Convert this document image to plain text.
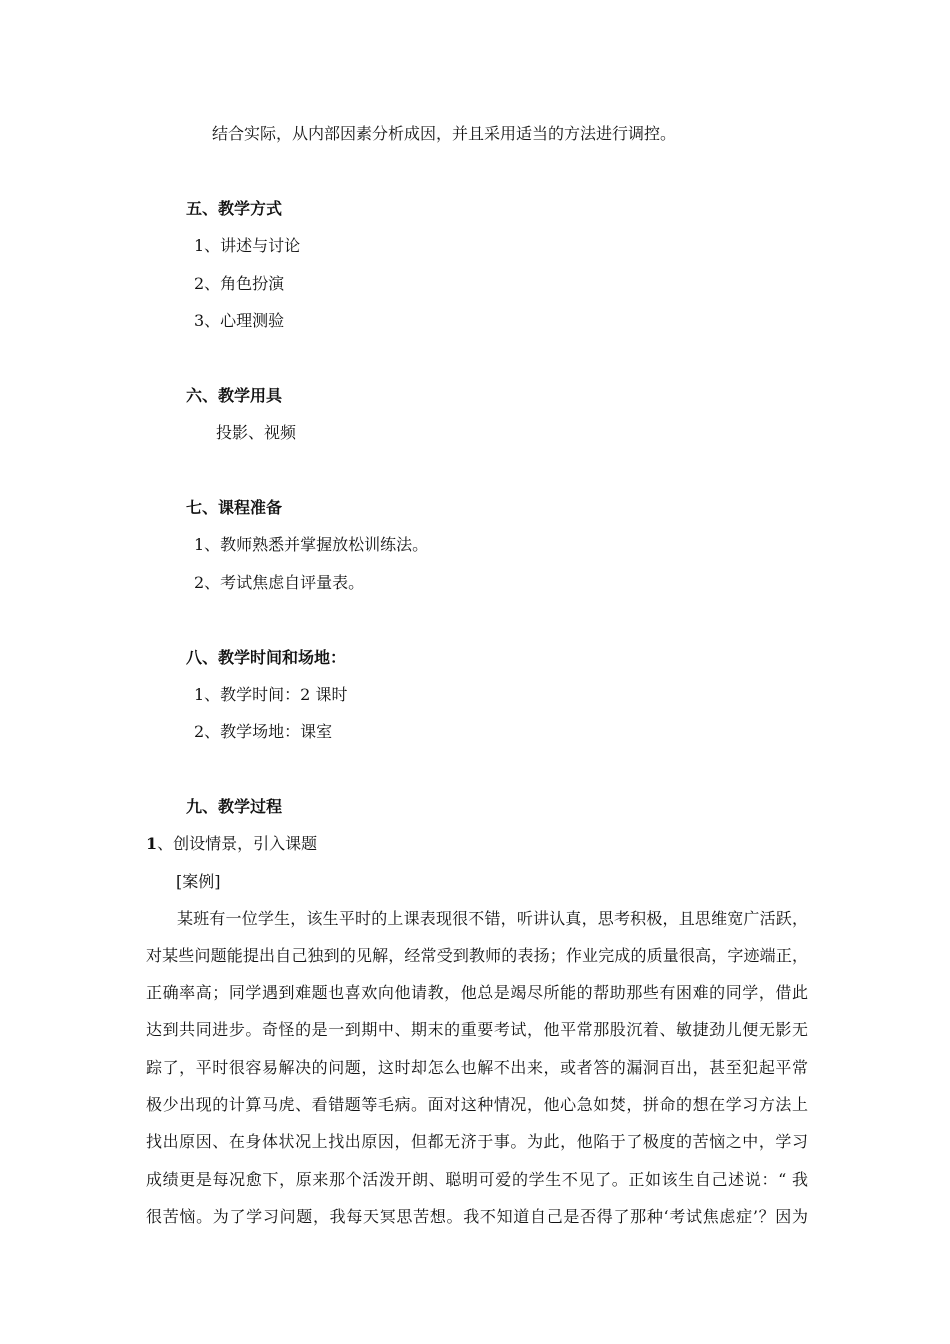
结合实际，从内部因素分析成因，并且采用适当的方法进行调控。
五、教学方式
1、讲述与讨论
2、角色扮演
3、心理测验
六、教学用具
投影、视频
七、课程准备
1、教师熟悉并掌握放松训练法。
2、考试焦虑自评量表。
八、教学时间和场地：
1、教学时间：2 课时
2、教学场地：课室
九、教学过程
1、创设情景，引入课题
[案例]
某班有一位学生，该生平时的上课表现很不错，听讲认真，思考积极，且思维宽广活跃，
对某些问题能提出自己独到的见解，经常受到教师的表扬；作业完成的质量很高，字迹端正，
正确率高；同学遇到难题也喜欢向他请教，他总是竭尽所能的帮助那些有困难的同学，借此
达到共同进步。奇怪的是一到期中、期末的重要考试，他平常那股沉着、敏捷劲儿便无影无
踪了，平时很容易解决的问题，这时却怎么也解不出来，或者答的漏洞百出，甚至犯起平常
极少出现的计算马虎、看错题等毛病。面对这种情况，他心急如焚，拼命的想在学习方法上
找出原因、在身体状况上找出原因，但都无济于事。为此，他陷于了极度的苦恼之中，学习
成绩更是每况愈下，原来那个活泼开朗、聪明可爱的学生不见了。正如该生自己述说：“ 我
很苦恼。为了学习问题，我每天冥思苦想。我不知道自己是否得了那种‘考试焦虑症’？因为
